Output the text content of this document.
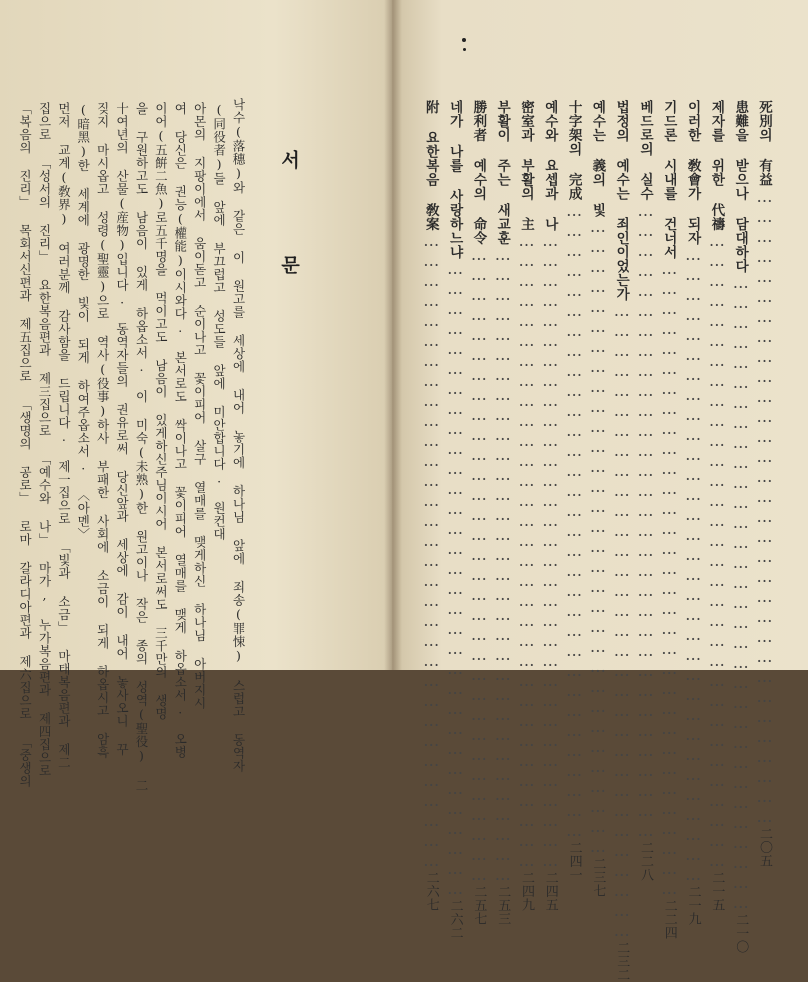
死別의 有益
……………………………………………………………………………………
二〇五
患難을 받으나 담대하다
……………………………………………………………………………………
二一〇
제자를 위한 代禱
……………………………………………………………………………………
二一五
이러한 敎會가 되자
……………………………………………………………………………………
二一九
기드론 시내를 건너서
……………………………………………………………………………………
二二四
베드로의 실수
……………………………………………………………………………………
二二八
법정의 예수는 죄인이었는가
……………………………………………………………………………………
二三二
예수는 義의 빛
……………………………………………………………………………………
二三七
十字架의 完成
……………………………………………………………………………………
二四一
예수와 요셉과 나
……………………………………………………………………………………
二四五
密室과 부활의 主
……………………………………………………………………………………
二四九
부활이 주는 새교훈
……………………………………………………………………………………
二五三
勝利者 예수의 命令
……………………………………………………………………………………
二五七
네가 나를 사랑하느냐
……………………………………………………………………………………
二六二
附 요한복음 敎案
……………………………………………………………………………………
二六七
서 문
낙수(落穗)와 같은 이 원고를 세상에 내어 놓기에 하나님 앞에 죄송(罪悚) 스럽고 동역자
(同役者)들 앞에 부끄럽고 성도들 앞에 미안합니다. 원컨대
아몬의 지팡이에서 움이돋고 순이나고 꽃이피어 살구 열매를 맺게하신 하나님 아버지시
여 당신은 권능(權能)이시와다. 본서로도 싹이나고 꽃이피어 열매를 맺게 하옵소서. 오병
이어(五餠二魚)로五千명을 먹이고도 남음이 있게하신주님이시어 본서로써도 三千만의 생명
을 구원하고도 남음이 있게 하옵소서. 이 미숙(未熟)한 원고이나 작은 종의 성역(聖役) 二
十여년의 산물(産物)입니다. 동역자들의 권유로써 당신앞과 세상에 감이 내어 놓사오니 꾸
짖지 마시옵고 성령(聖靈)으로 역사(役事)하사 부패한 사회에 소금이 되게 하옵시고 암흑
(暗黑)한 세계에 광명한 빛이 되게 하여주옵소서. 〈아멘〉
먼저 교계(敎界) 여러분께 감사함을 드립니다. 제一집으로 「빛과 소금」 마태복음편과 제二
집으로 「성서의 진리」 요한복음편과 제三집으로 「예수와 나」 마가, 누가복음편과 제四집으로
「복음의 진리」 목회서신편과 제五집으로 「생명의 공로」 로마 갈라디아편과 제六집으로 「중생의
